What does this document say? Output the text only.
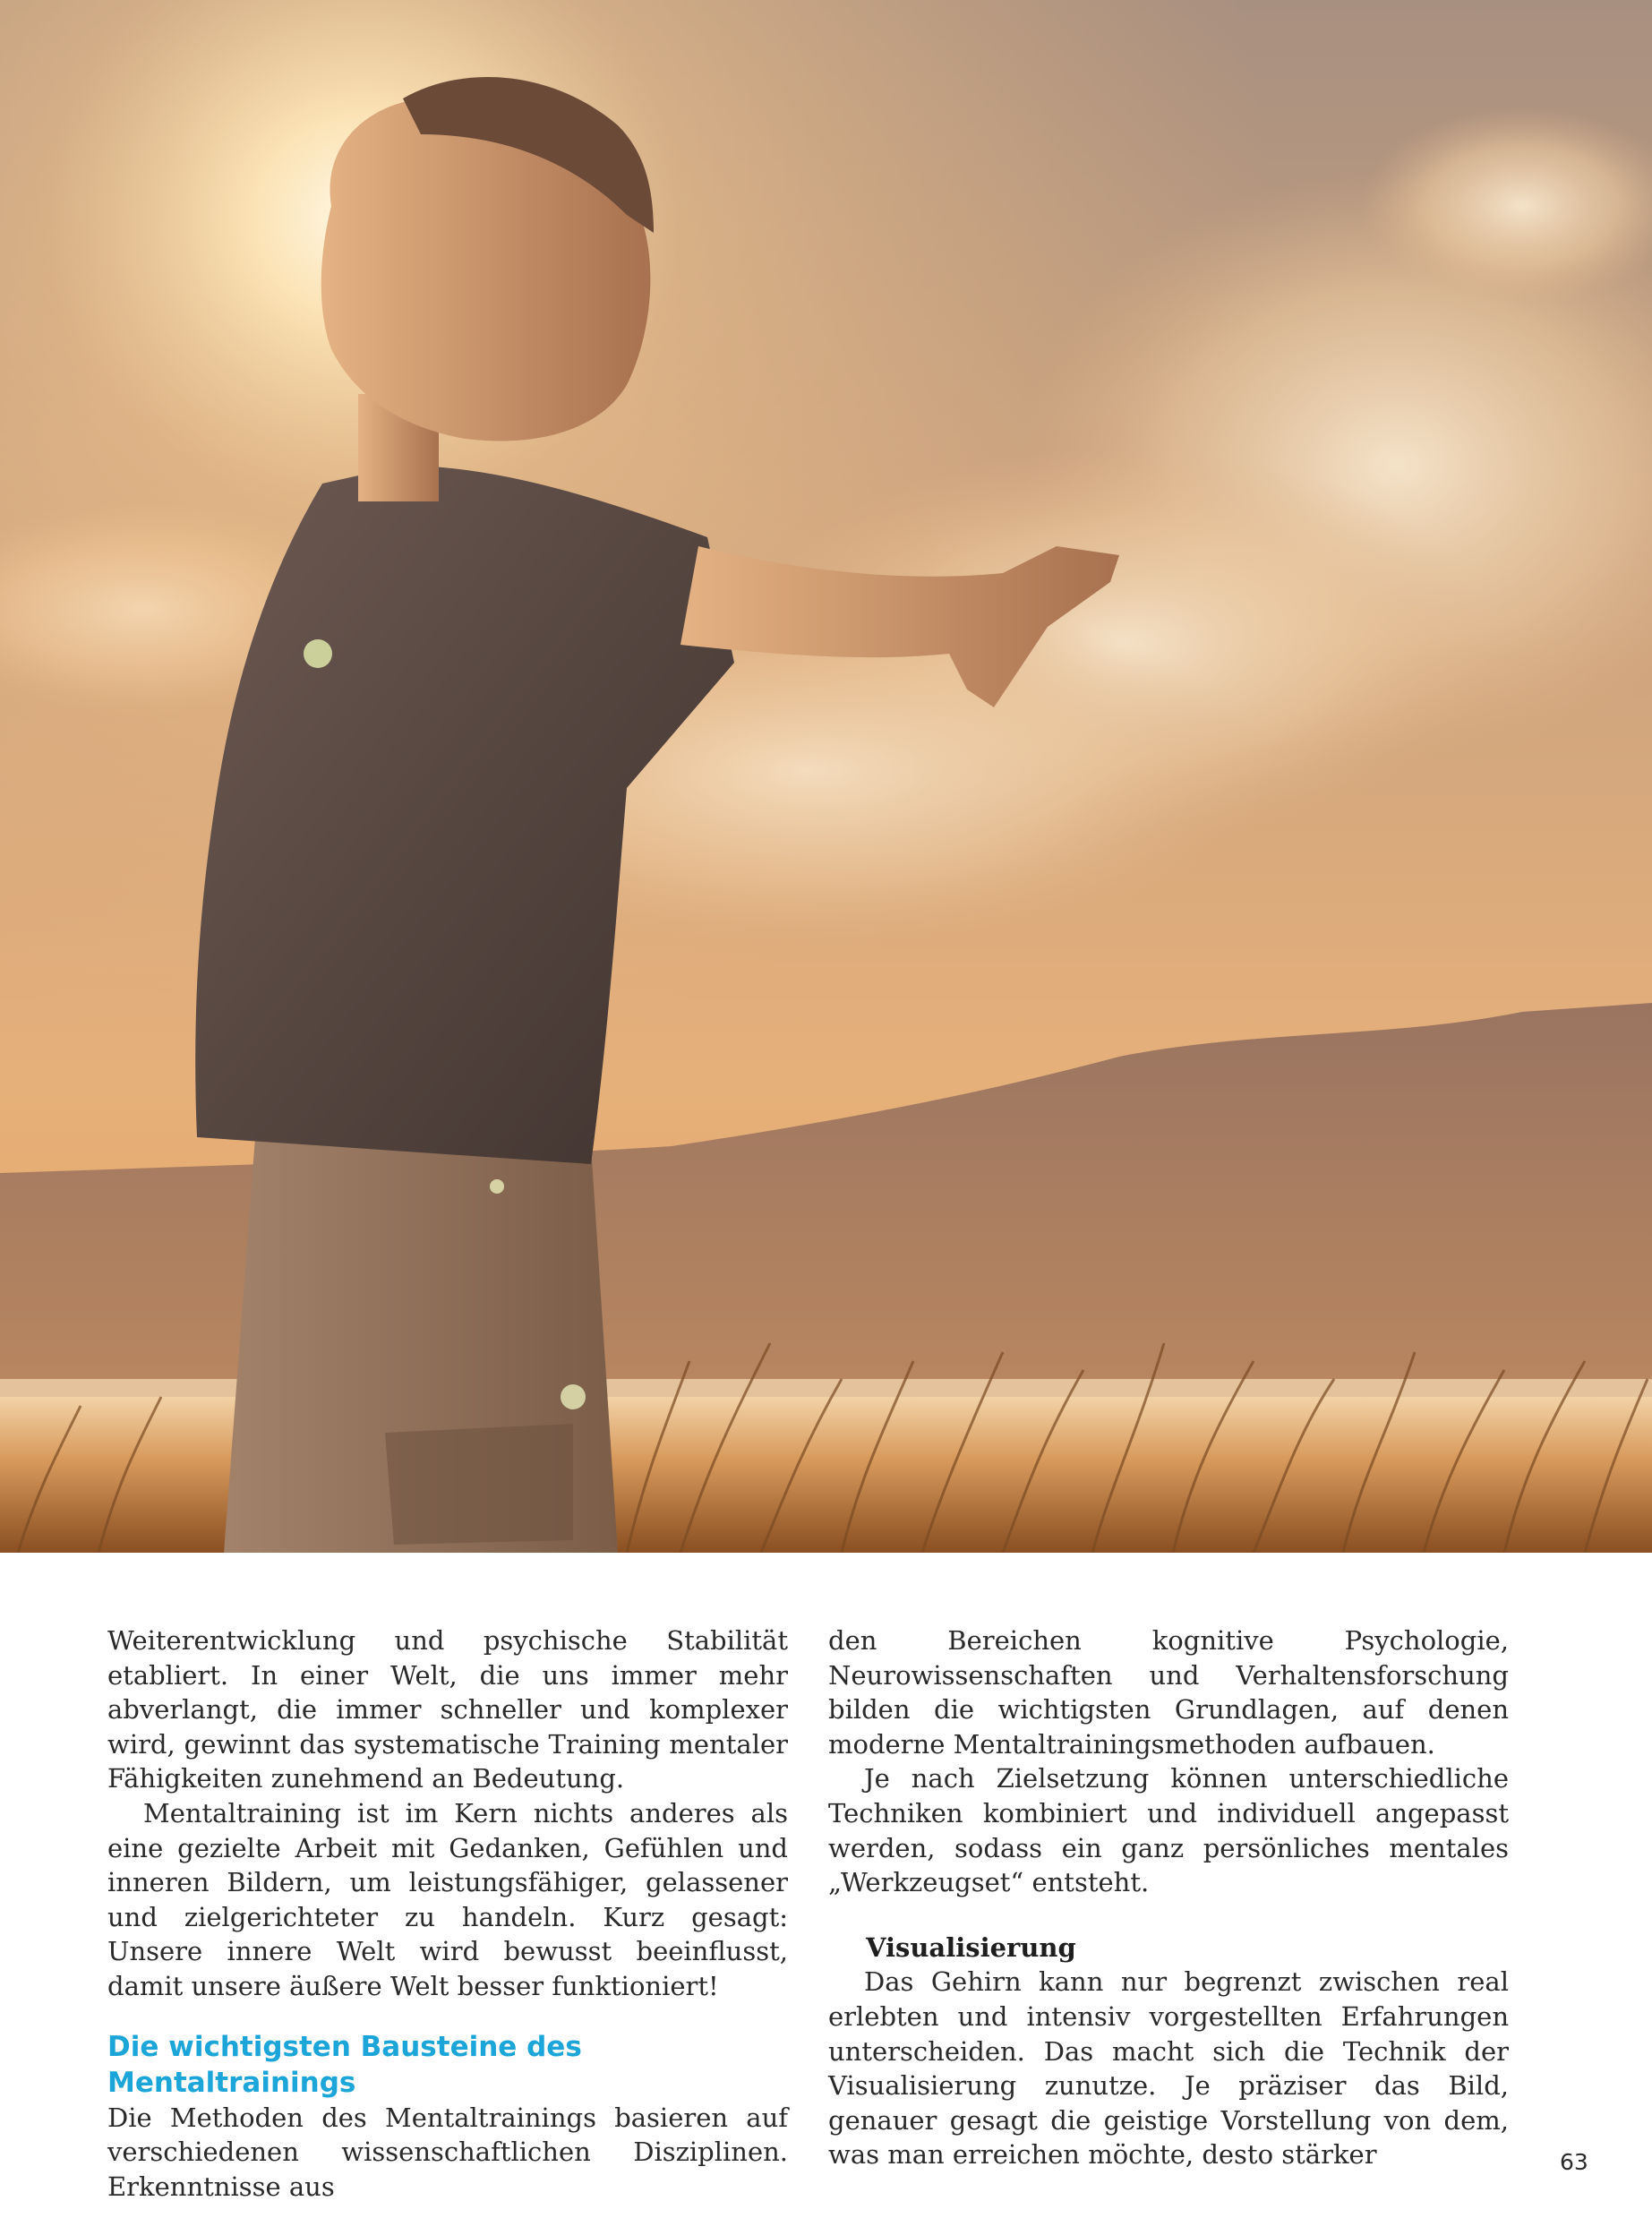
Weiterentwicklung und psychische Stabilität etabliert. In einer Welt, die uns immer mehr abverlangt, die immer schneller und komplexer wird, gewinnt das systematische Training mentaler Fähigkeiten zunehmend an Bedeutung.

Mentaltraining ist im Kern nichts anderes als eine gezielte Arbeit mit Gedanken, Gefühlen und inneren Bildern, um leistungsfähiger, gelassener und zielgerichteter zu handeln. Kurz gesagt: Unsere innere Welt wird bewusst beeinflusst, damit unsere äußere Welt besser funktioniert!

Die wichtigsten Bausteine des Mentaltrainings

Die Methoden des Mentaltrainings basieren auf verschiedenen wissenschaftlichen Disziplinen. Erkenntnisse aus

den Bereichen kognitive Psychologie, Neurowissenschaften und Verhaltensforschung bilden die wichtigsten Grundlagen, auf denen moderne Mentaltrainingsmethoden aufbauen.

Je nach Zielsetzung können unterschiedliche Techniken kombiniert und individuell angepasst werden, sodass ein ganz persönliches mentales „Werkzeugset“ entsteht.

Visualisierung

Das Gehirn kann nur begrenzt zwischen real erlebten und intensiv vorgestellten Erfahrungen unterscheiden. Das macht sich die Technik der Visualisierung zunutze. Je präziser das Bild, genauer gesagt die geistige Vorstellung von dem, was man erreichen möchte, desto stärker	63
